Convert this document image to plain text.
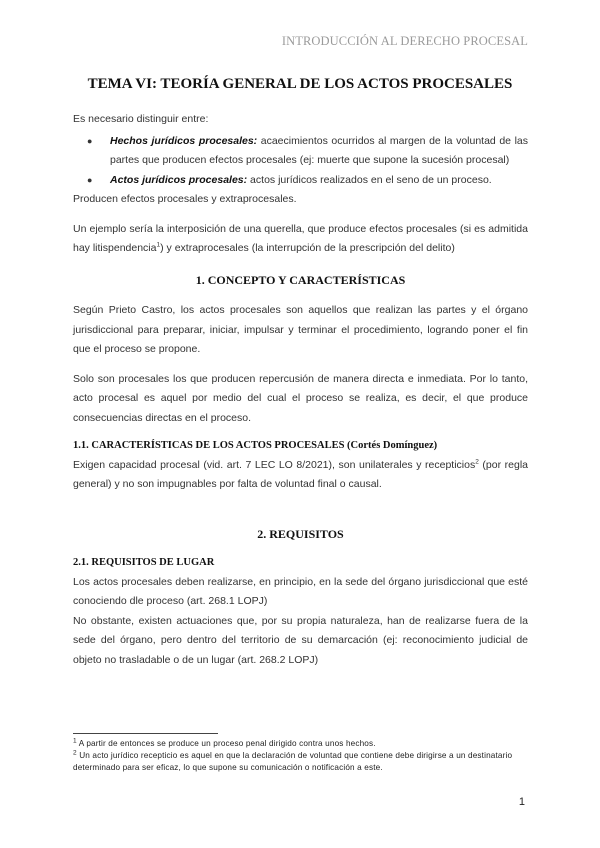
INTRODUCCIÓN AL DERECHO PROCESAL
TEMA VI: TEORÍA GENERAL DE LOS ACTOS PROCESALES

Es necesario distinguir entre:

● Hechos jurídicos procesales: acaecimientos ocurridos al margen de la voluntad de las partes que producen efectos procesales (ej: muerte que supone la sucesión procesal)
● Actos jurídicos procesales: actos jurídicos realizados en el seno de un proceso.

Producen efectos procesales y extraprocesales.

Un ejemplo sería la interposición de una querella, que produce efectos procesales (si es admitida hay litispendencia$^1$) y extraprocesales (la interrupción de la prescripción del delito)

1. CONCEPTO Y CARACTERÍSTICAS

Según Prieto Castro, los actos procesales son aquellos que realizan las partes y el órgano jurisdiccional para preparar, iniciar, impulsar y terminar el procedimiento, logrando poner el fin que el proceso se propone.

Solo son procesales los que producen repercusión de manera directa e inmediata. Por lo tanto, acto procesal es aquel por medio del cual el proceso se realiza, es decir, el que produce consecuencias directas en el proceso.

1.1. CARACTERÍSTICAS DE LOS ACTOS PROCESALES (Cortés Domínguez)

Exigen capacidad procesal (vid. art. 7 LEC LO 8/2021), son unilaterales y recepticios$^2$ (por regla general) y no son impugnables por falta de voluntad final o causal.

2. REQUISITOS

2.1. REQUISITOS DE LUGAR

Los actos procesales deben realizarse, en principio, en la sede del órgano jurisdiccional que esté conociendo dle proceso (art. 268.1 LOPJ)

No obstante, existen actuaciones que, por su propia naturaleza, han de realizarse fuera de la sede del órgano, pero dentro del territorio de su demarcación (ej: reconocimiento judicial de objeto no trasladable o de un lugar (art. 268.2 LOPJ)

$^1$ A partir de entonces se produce un proceso penal dirigido contra unos hechos.

$^2$ Un acto jurídico recepticio es aquel en que la declaración de voluntad que contiene debe dirigirse a un destinatario determinado para ser eficaz, lo que supone su comunicación o notificación a este.

1
